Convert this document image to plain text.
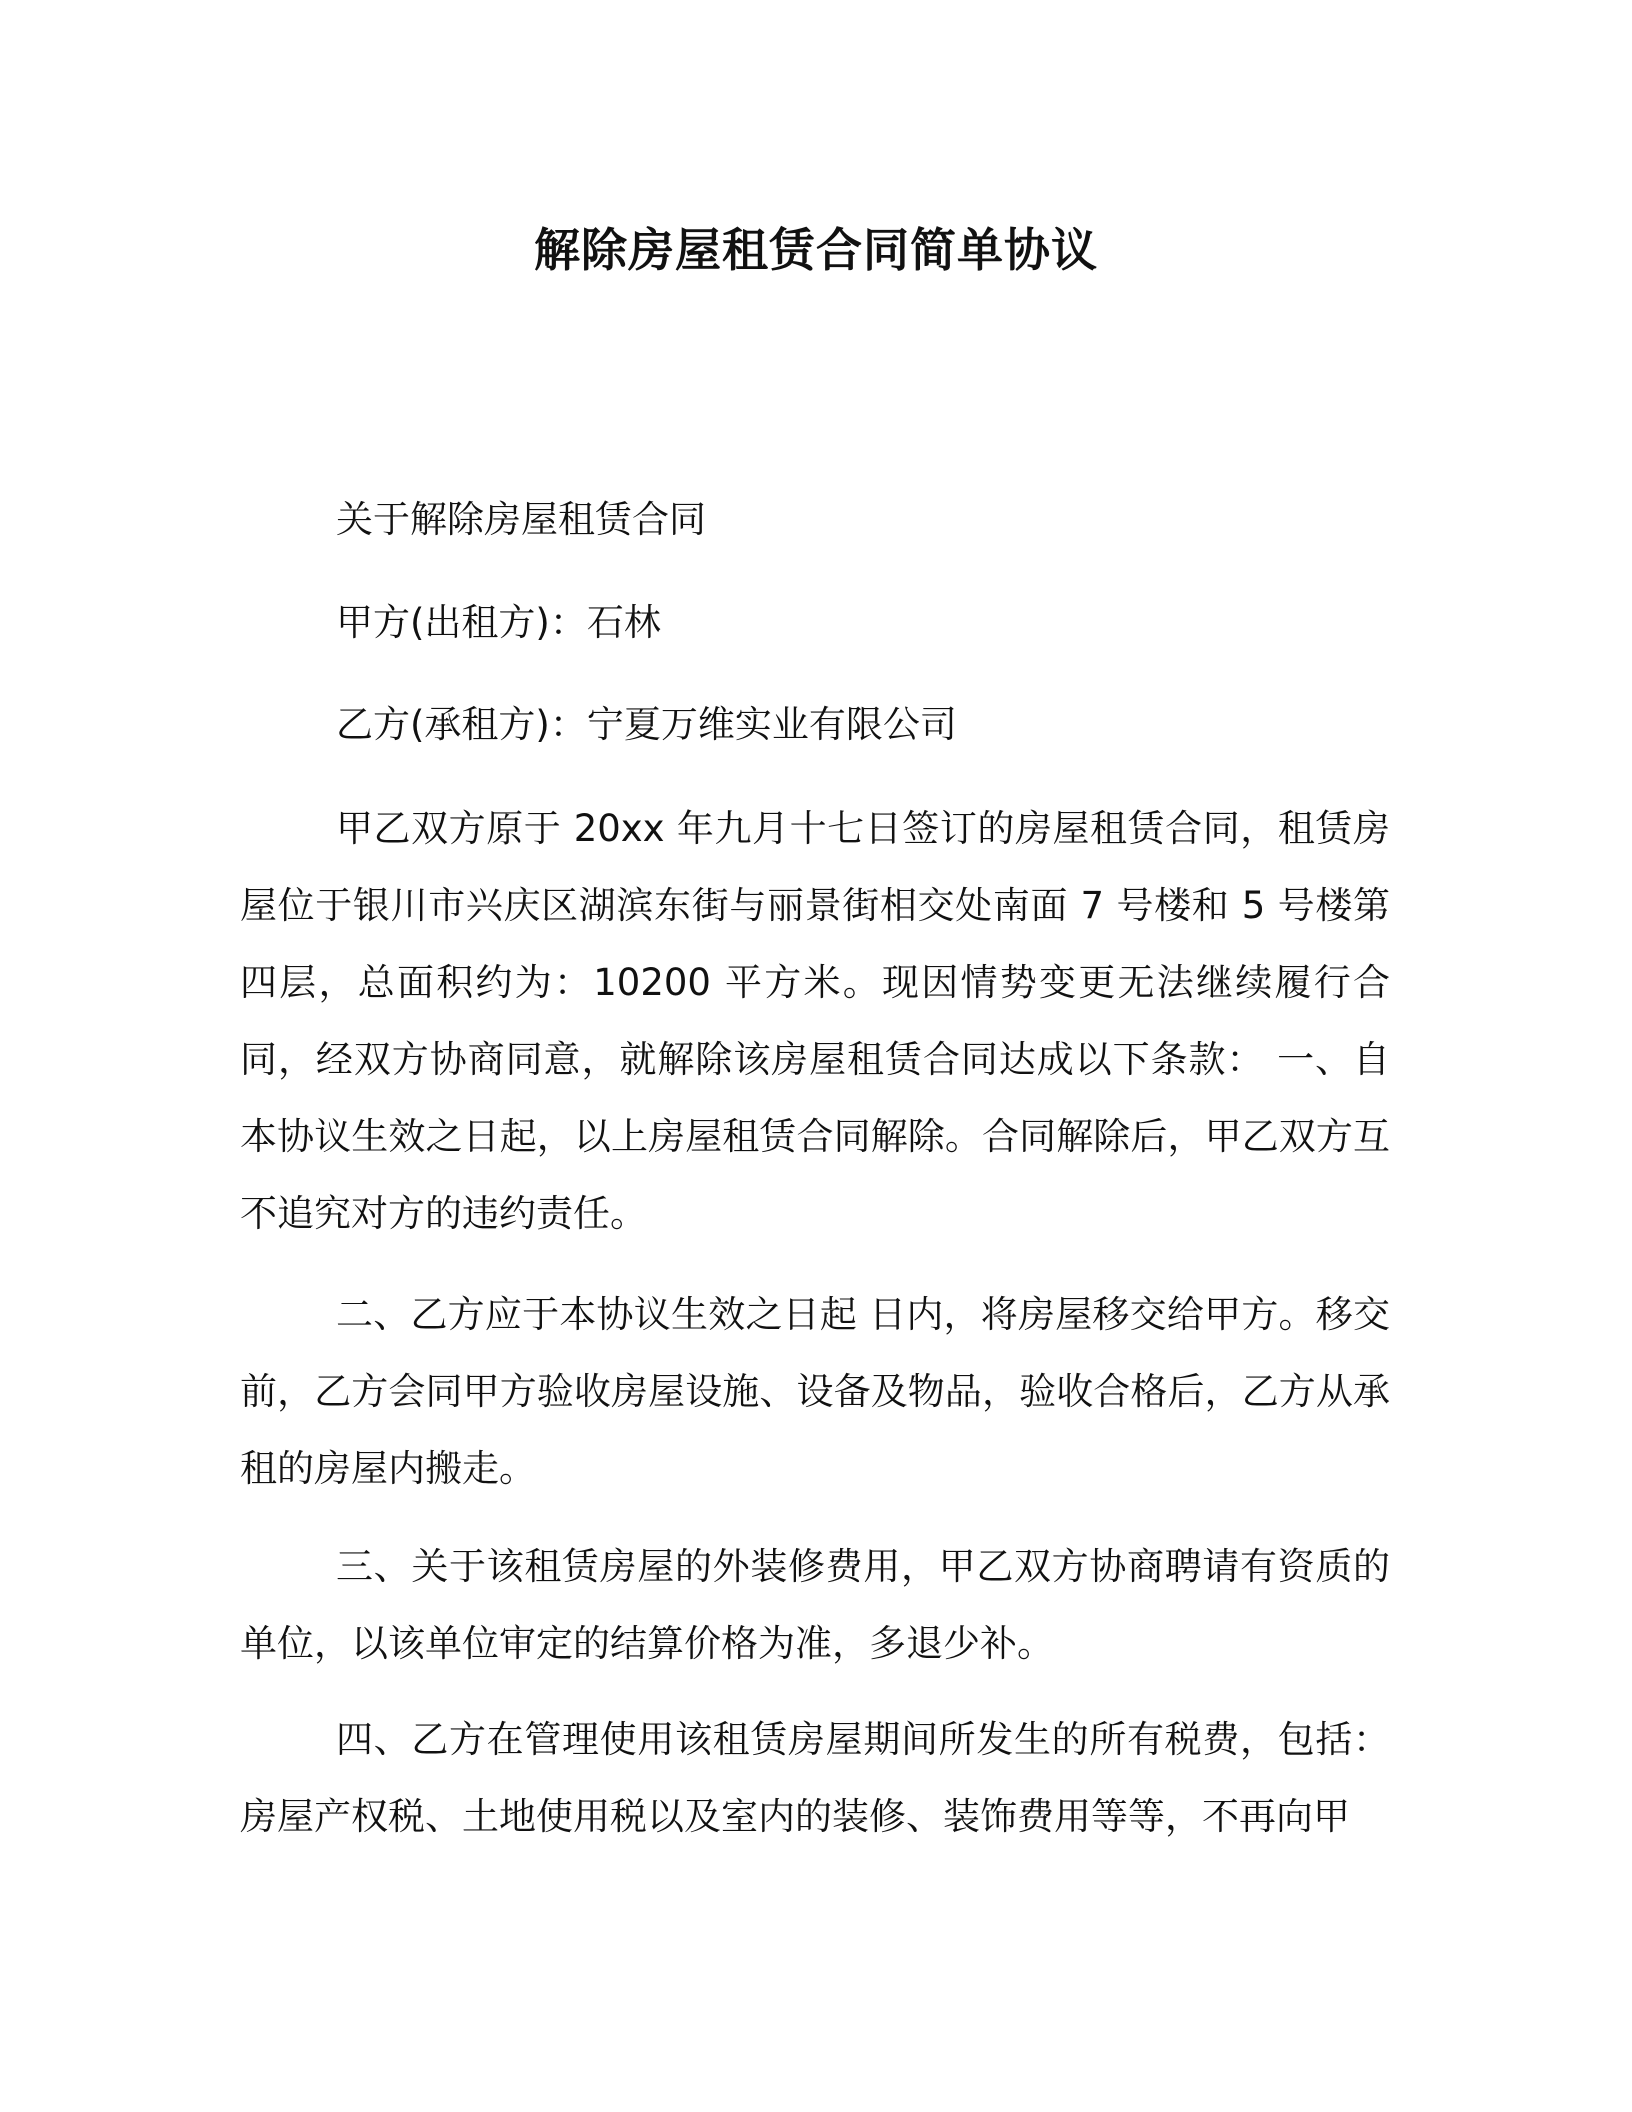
解除房屋租赁合同简单协议
关于解除房屋租赁合同
甲方(出租方)：石林
乙方(承租方)：宁夏万维实业有限公司

甲乙双方原于 20xx 年九月十七日签订的房屋租赁合同，租赁房屋位于银川市兴庆区湖滨东街与丽景街相交处南面 7 号楼和 5 号楼第四层，总面积约为：10200 平方米。现因情势变更无法继续履行合同，经双方协商同意，就解除该房屋租赁合同达成以下条款： 一、自本协议生效之日起，以上房屋租赁合同解除。合同解除后，甲乙双方互不追究对方的违约责任。

二、乙方应于本协议生效之日起 日内，将房屋移交给甲方。移交前，乙方会同甲方验收房屋设施、设备及物品，验收合格后，乙方从承租的房屋内搬走。

三、关于该租赁房屋的外装修费用，甲乙双方协商聘请有资质的单位，以该单位审定的结算价格为准，多退少补。

四、乙方在管理使用该租赁房屋期间所发生的所有税费，包括：房屋产权税、土地使用税以及室内的装修、装饰费用等等，不再向甲
